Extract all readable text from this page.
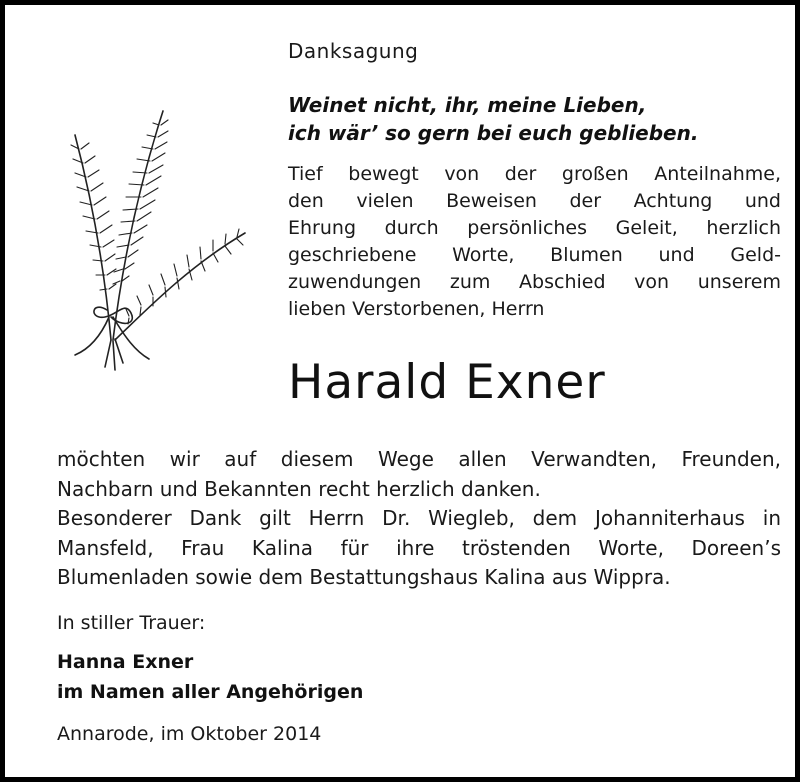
Danksagung
Weinet nicht, ihr, meine Lieben,
ich wär’ so gern bei euch geblieben.
Tief bewegt von der großen Anteilnahme,
den vielen Beweisen der Achtung und
Ehrung durch persönliches Geleit, herzlich
geschriebene Worte, Blumen und Geld-
zuwendungen zum Abschied von unserem
lieben Verstorbenen, Herrn
Harald Exner
möchten wir auf diesem Wege allen Verwandten, Freunden,
Nachbarn und Bekannten recht herzlich danken.
Besonderer Dank gilt Herrn Dr. Wiegleb, dem Johanniterhaus in
Mansfeld, Frau Kalina für ihre tröstenden Worte, Doreen’s
Blumenladen sowie dem Bestattungshaus Kalina aus Wippra.
In stiller Trauer:
Hanna Exner
im Namen aller Angehörigen
Annarode, im Oktober 2014
